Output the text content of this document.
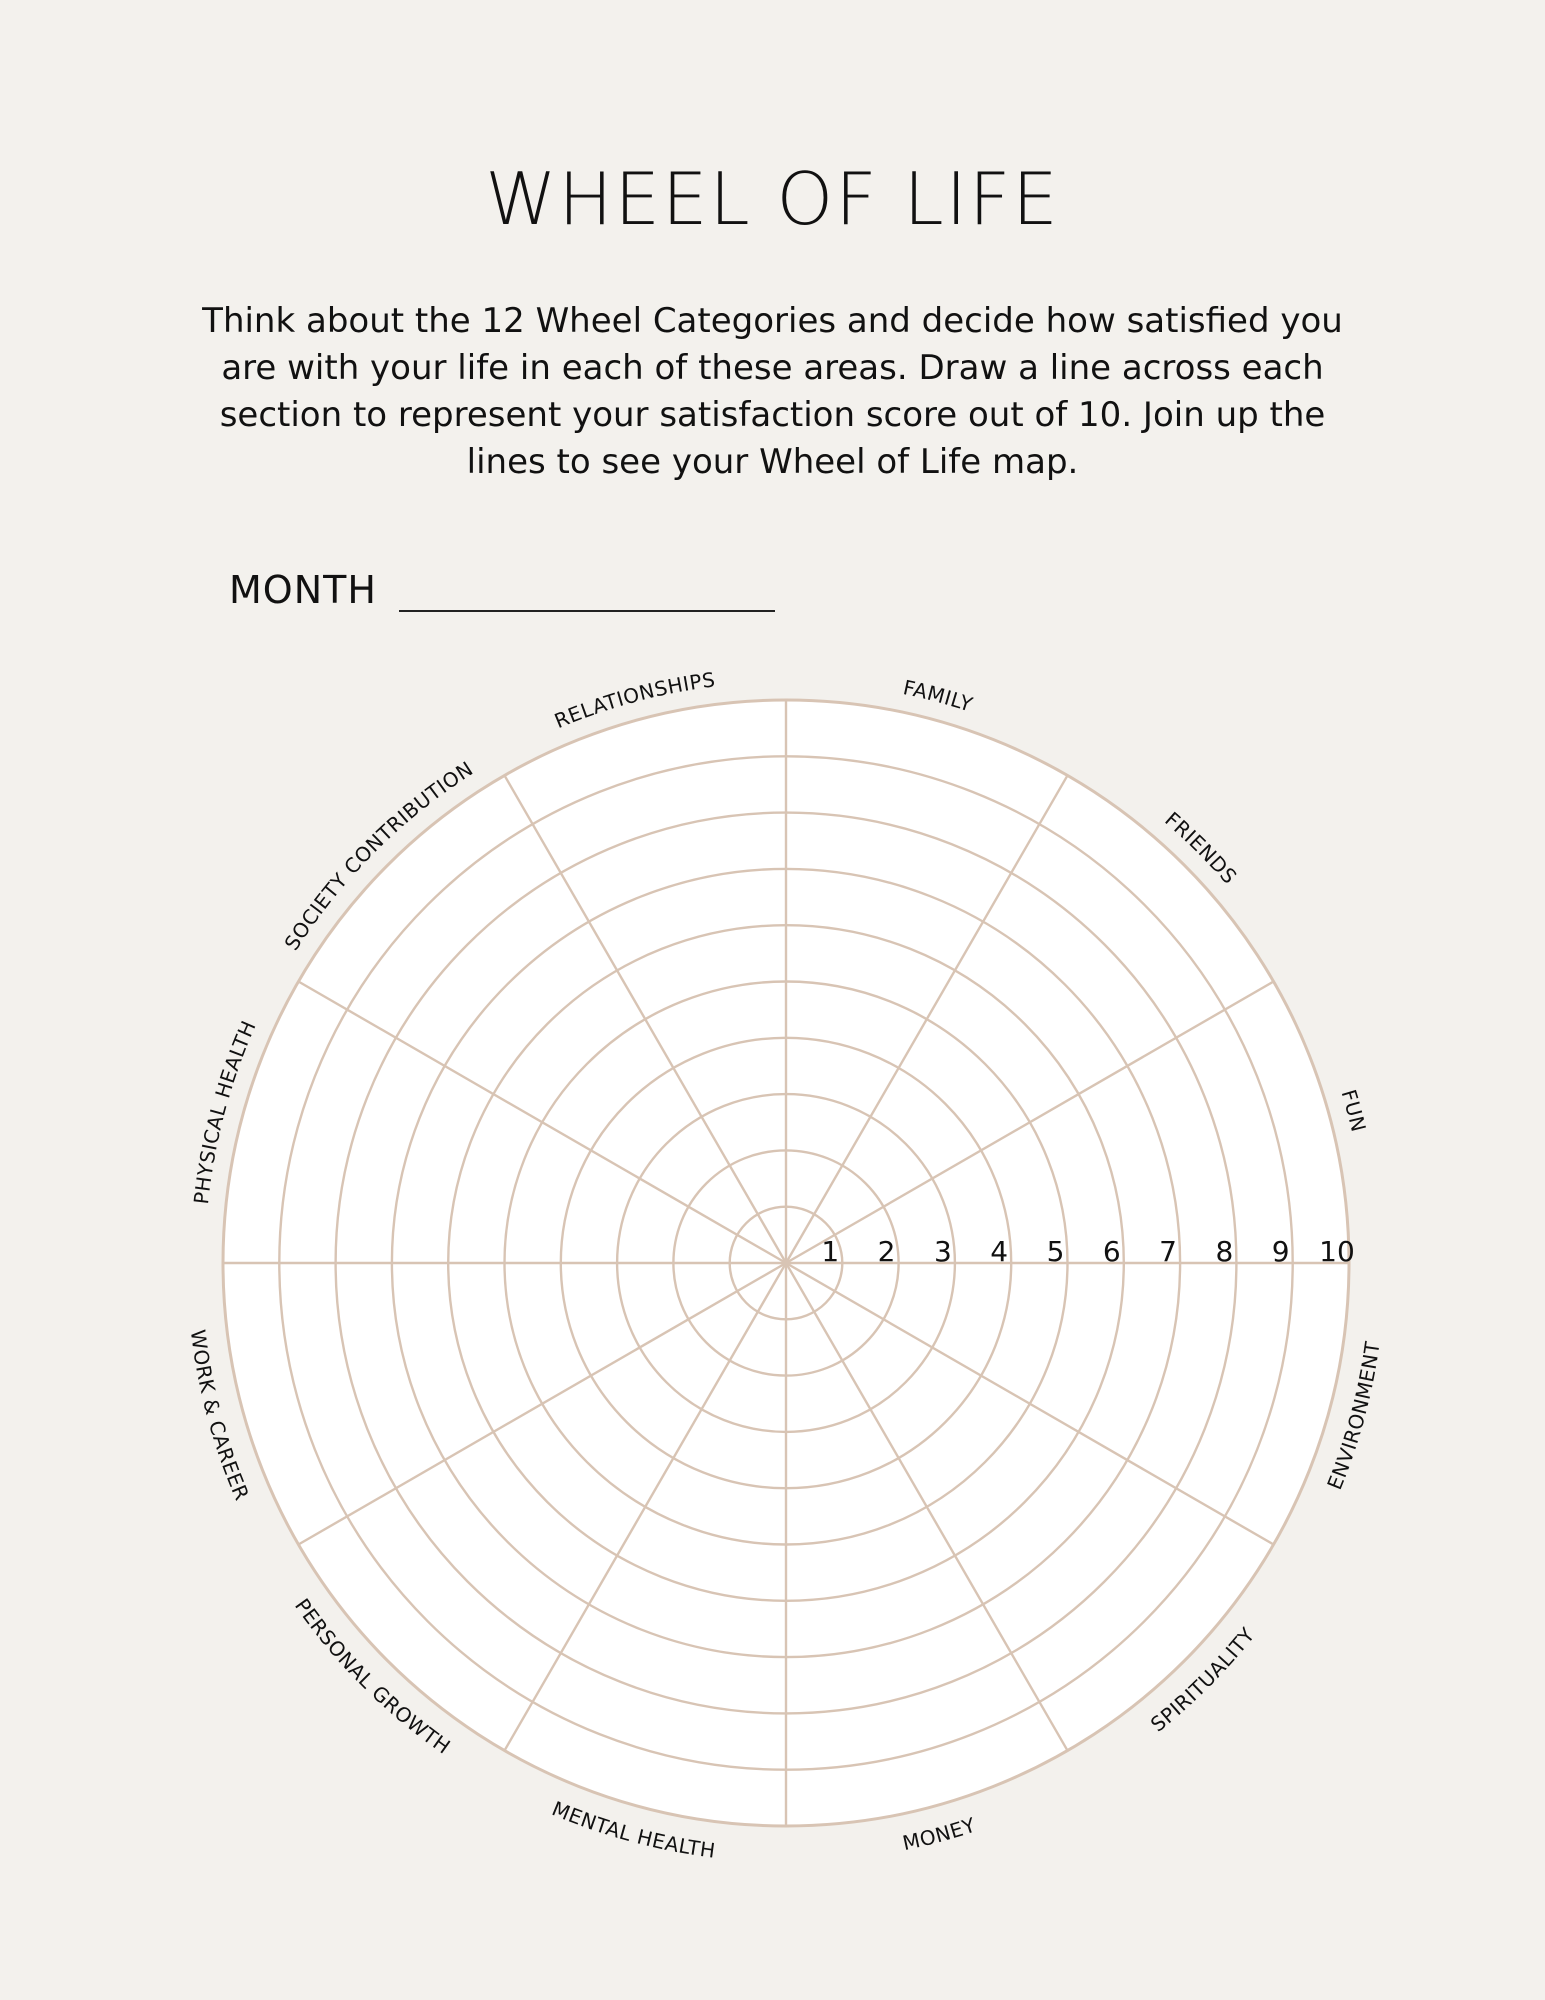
WHEEL OF LIFE

Think about the 12 Wheel Categories and decide how satisfied you are with your life in each of these areas. Draw a line across each section to represent your satisfaction score out of 10. Join up the lines to see your Wheel of Life map.

MONTH
1 2 3 4 5 6 7 8 9 10
FAMILY
FRIENDS
FUN
ENVIRONMENT
SPIRITUALITY
MONEY
MENTAL HEALTH
PERSONAL GROWTH
WORK & CAREER
PHYSICAL HEALTH
SOCIETY CONTRIBUTION
RELATIONSHIPS
